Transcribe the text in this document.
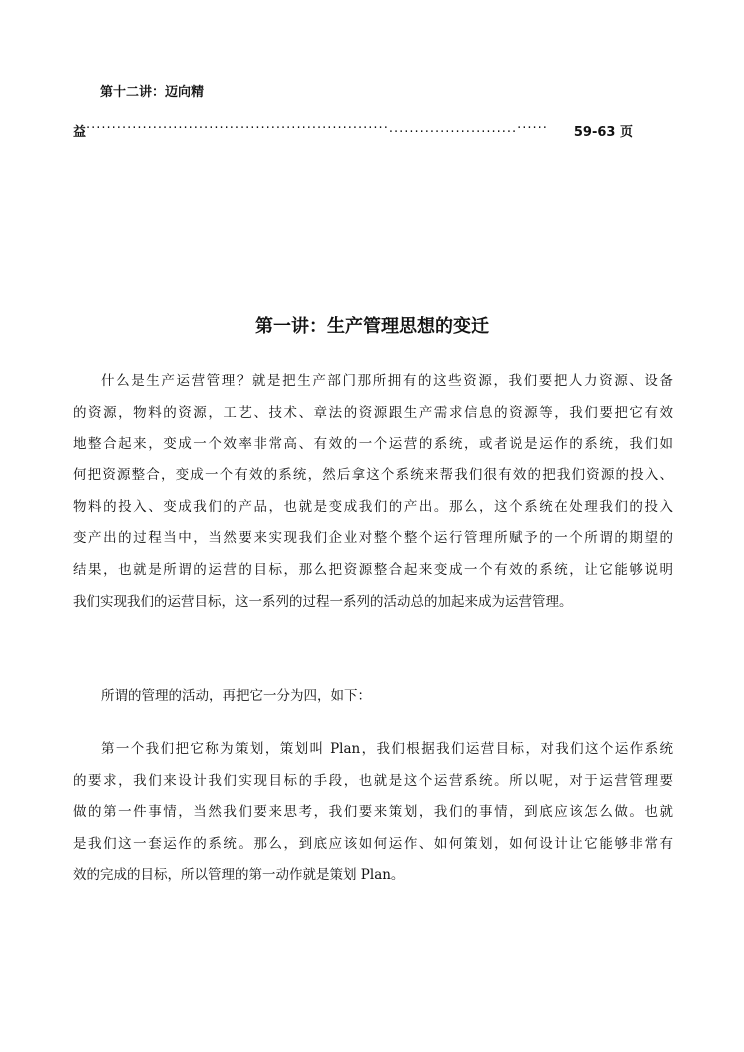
第十二讲：迈向精
益 ···························································.........................······	59-63 页
第一讲：生产管理思想的变迁
什么是生产运营管理？就是把生产部门那所拥有的这些资源，我们要把人力资源、设备
的资源，物料的资源，工艺、技术、章法的资源跟生产需求信息的资源等，我们要把它有效
地整合起来，变成一个效率非常高、有效的一个运营的系统，或者说是运作的系统，我们如
何把资源整合，变成一个有效的系统，然后拿这个系统来帮我们很有效的把我们资源的投入、
物料的投入、变成我们的产品，也就是变成我们的产出。那么，这个系统在处理我们的投入
变产出的过程当中，当然要来实现我们企业对整个整个运行管理所赋予的一个所谓的期望的
结果，也就是所谓的运营的目标，那么把资源整合起来变成一个有效的系统，让它能够说明
我们实现我们的运营目标，这一系列的过程一系列的活动总的加起来成为运营管理。
所谓的管理的活动，再把它一分为四，如下：
第一个我们把它称为策划，策划叫 Plan，我们根据我们运营目标，对我们这个运作系统
的要求，我们来设计我们实现目标的手段，也就是这个运营系统。所以呢，对于运营管理要
做的第一件事情，当然我们要来思考，我们要来策划，我们的事情，到底应该怎么做。也就
是我们这一套运作的系统。那么，到底应该如何运作、如何策划，如何设计让它能够非常有
效的完成的目标，所以管理的第一动作就是策划 Plan。
